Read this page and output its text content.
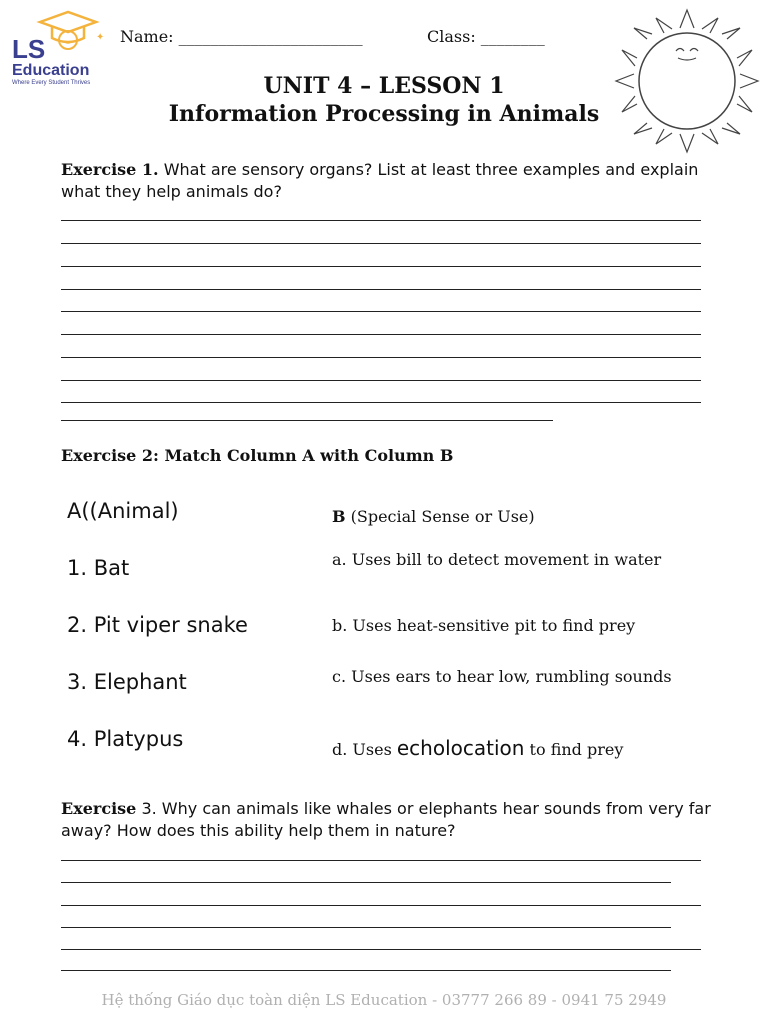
✦
LS
Education
Where Every Student Thrives
Name: _______________________	Class: ________
UNIT 4 – LESSON 1
Information Processing in Animals
Exercise 1. What are sensory organs? List at least three examples and explain what they help animals do?
Exercise 2: Match Column A with Column B
A((Animal)	B (Special Sense or Use)
1. Bat
2. Pit viper snake
3. Elephant
4. Platypus
a. Uses bill to detect movement in water
b. Uses heat-sensitive pit to find prey
c. Uses ears to hear low, rumbling sounds
d. Uses echolocation to find prey
Exercise 3. Why can animals like whales or elephants hear sounds from very far away? How does this ability help them in nature?
Hệ thống Giáo dục toàn diện LS Education - 03777 266 89 - 0941 75 2949
